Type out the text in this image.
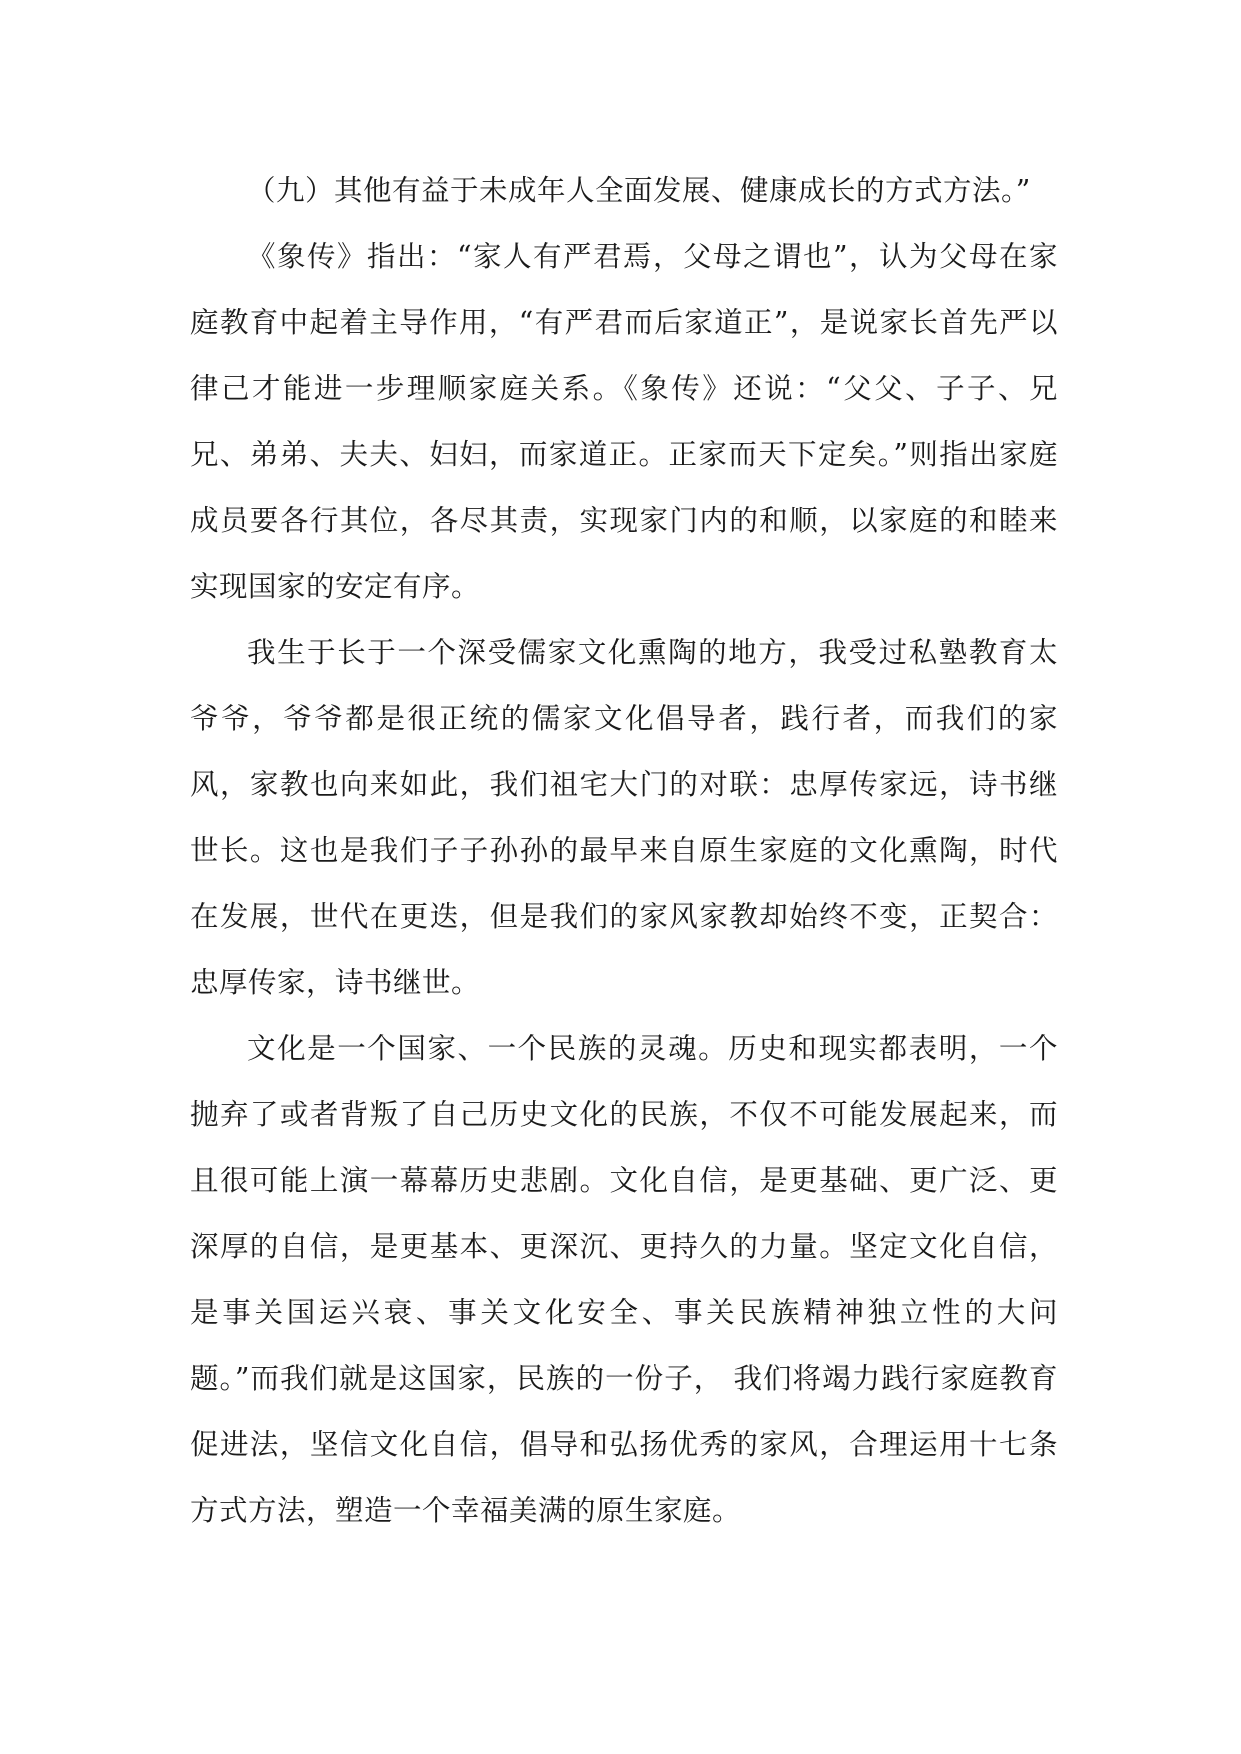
（九）其他有益于未成年人全面发展、健康成长的方式方法。”

《象传》指出：“家人有严君焉，父母之谓也”，认为父母在家庭教育中起着主导作用，“有严君而后家道正”，是说家长首先严以律己才能进一步理顺家庭关系。《象传》还说：“父父、子子、兄兄、弟弟、夫夫、妇妇，而家道正。正家而天下定矣。”则指出家庭成员要各行其位，各尽其责，实现家门内的和顺，以家庭的和睦来实现国家的安定有序。

我生于长于一个深受儒家文化熏陶的地方，我受过私塾教育太爷爷，爷爷都是很正统的儒家文化倡导者，践行者，而我们的家风，家教也向来如此，我们祖宅大门的对联：忠厚传家远，诗书继世长。这也是我们子子孙孙的最早来自原生家庭的文化熏陶，时代在发展，世代在更迭，但是我们的家风家教却始终不变，正契合：忠厚传家，诗书继世。

文化是一个国家、一个民族的灵魂。历史和现实都表明，一个抛弃了或者背叛了自己历史文化的民族，不仅不可能发展起来，而且很可能上演一幕幕历史悲剧。文化自信，是更基础、更广泛、更深厚的自信，是更基本、更深沉、更持久的力量。坚定文化自信，是事关国运兴衰、事关文化安全、事关民族精神独立性的大问题。”而我们就是这国家，民族的一份子， 我们将竭力践行家庭教育促进法，坚信文化自信，倡导和弘扬优秀的家风，合理运用十七条方式方法，塑造一个幸福美满的原生家庭。
